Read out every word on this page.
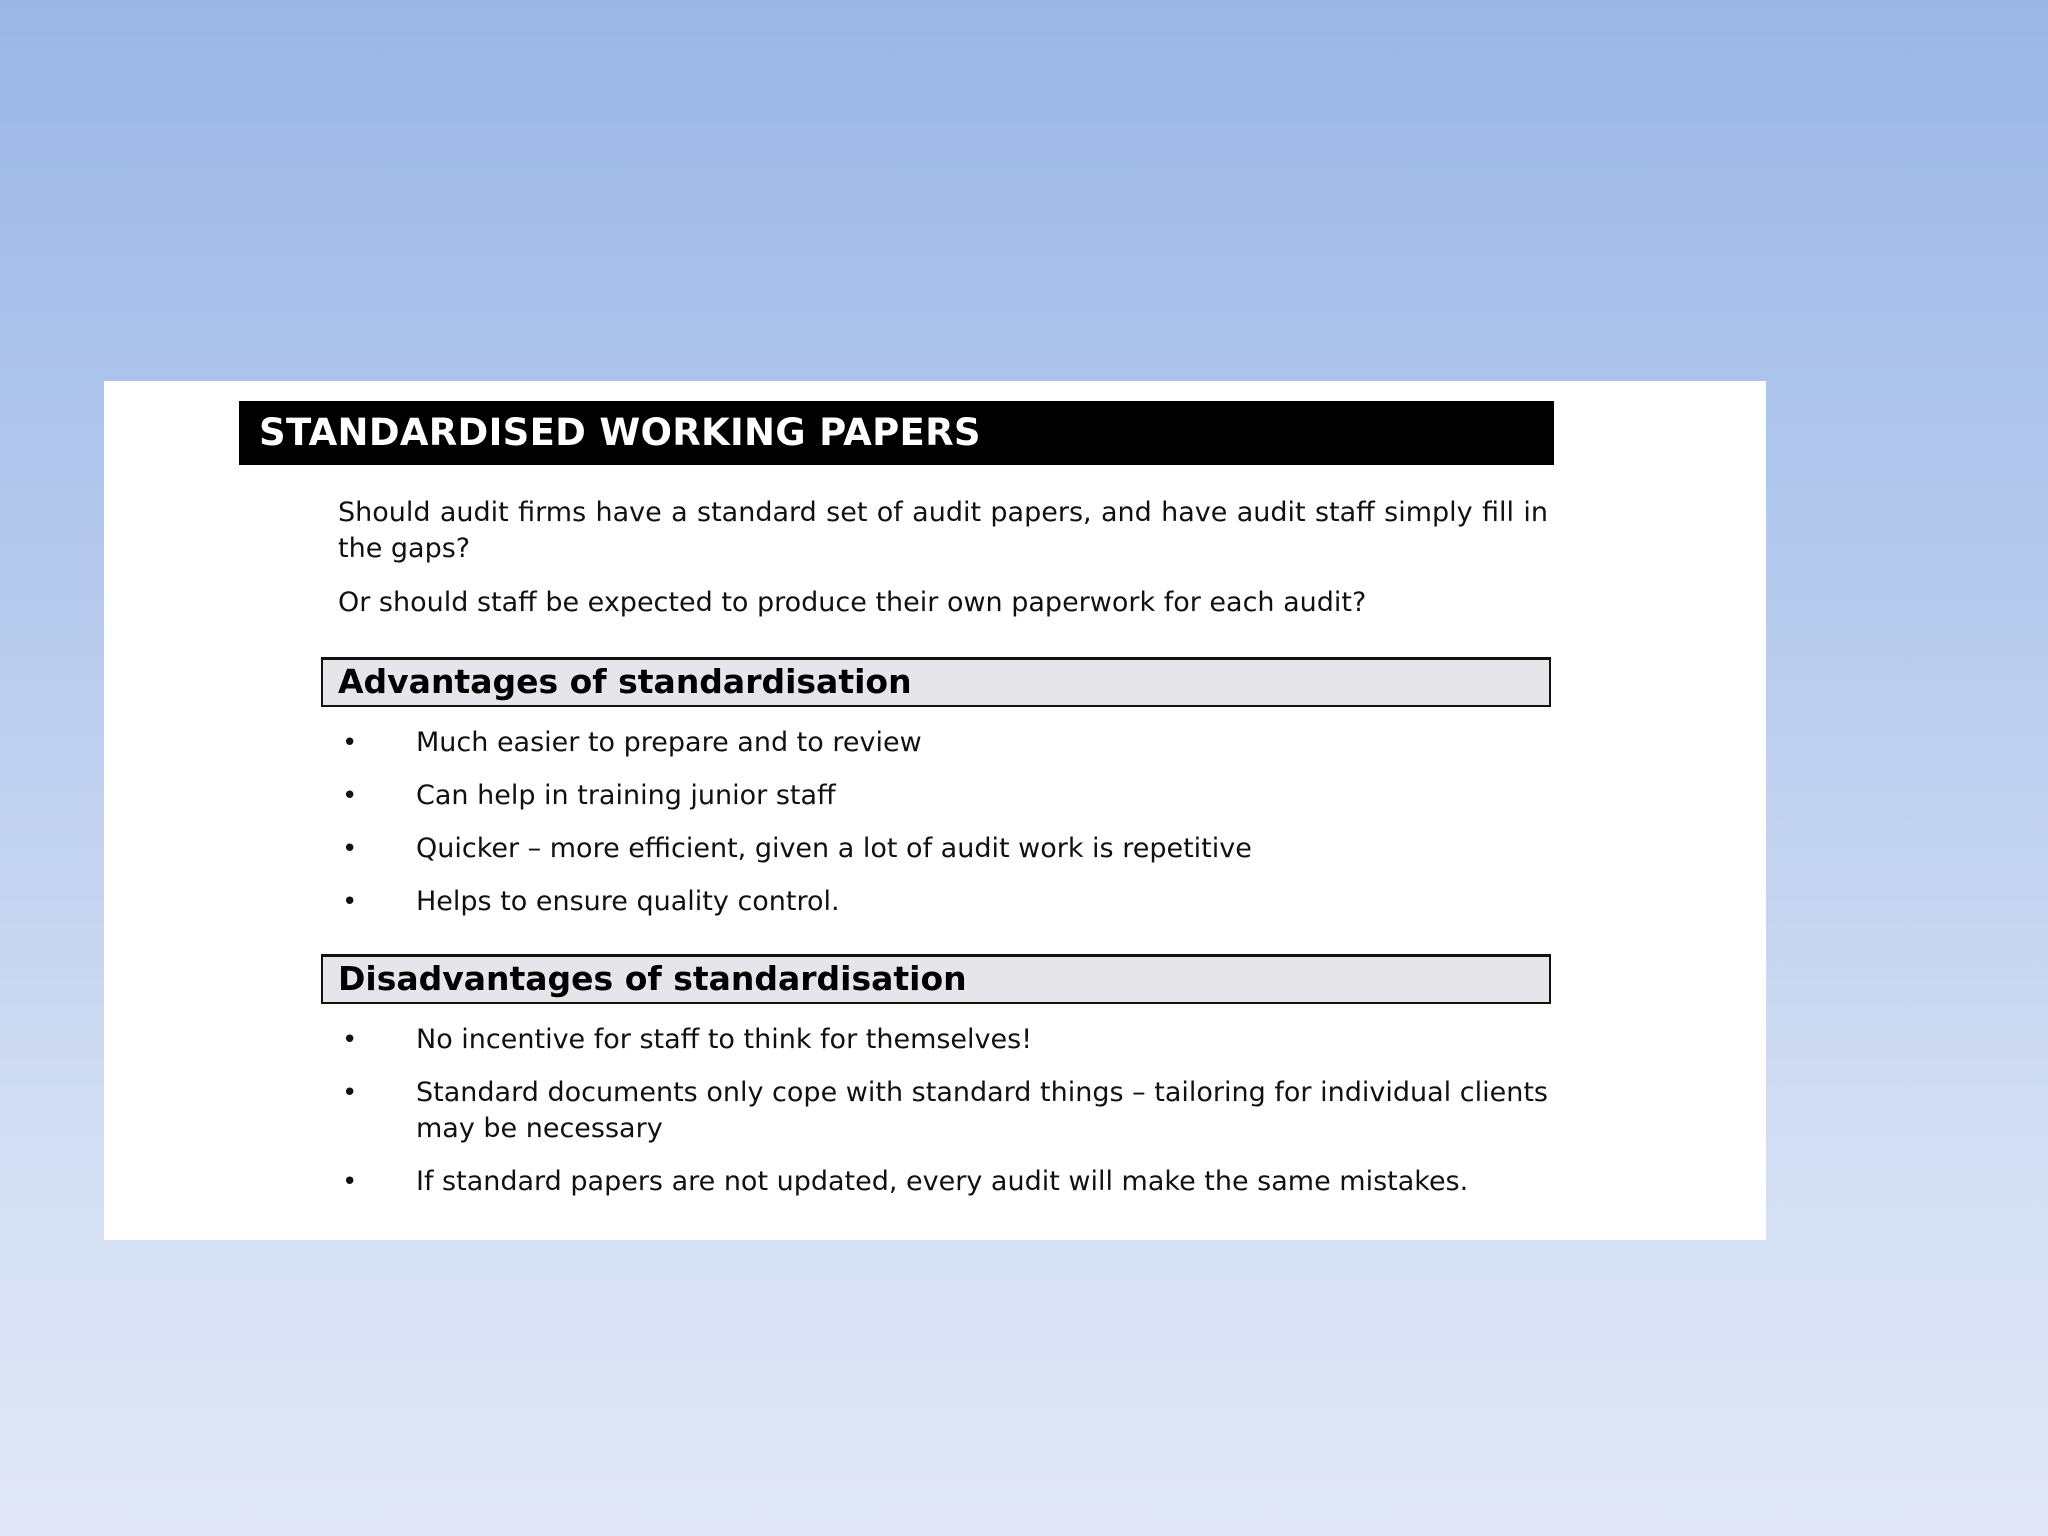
STANDARDISED WORKING PAPERS

Should audit firms have a standard set of audit papers, and have audit staff simply fill in the gaps?

Or should staff be expected to produce their own paperwork for each audit?

Advantages of standardisation
•	Much easier to prepare and to review
•	Can help in training junior staff
•	Quicker – more efficient, given a lot of audit work is repetitive
•	Helps to ensure quality control.
Disadvantages of standardisation
•	No incentive for staff to think for themselves!
•	Standard documents only cope with standard things – tailoring for individual clients may be necessary
•	If standard papers are not updated, every audit will make the same mistakes.
